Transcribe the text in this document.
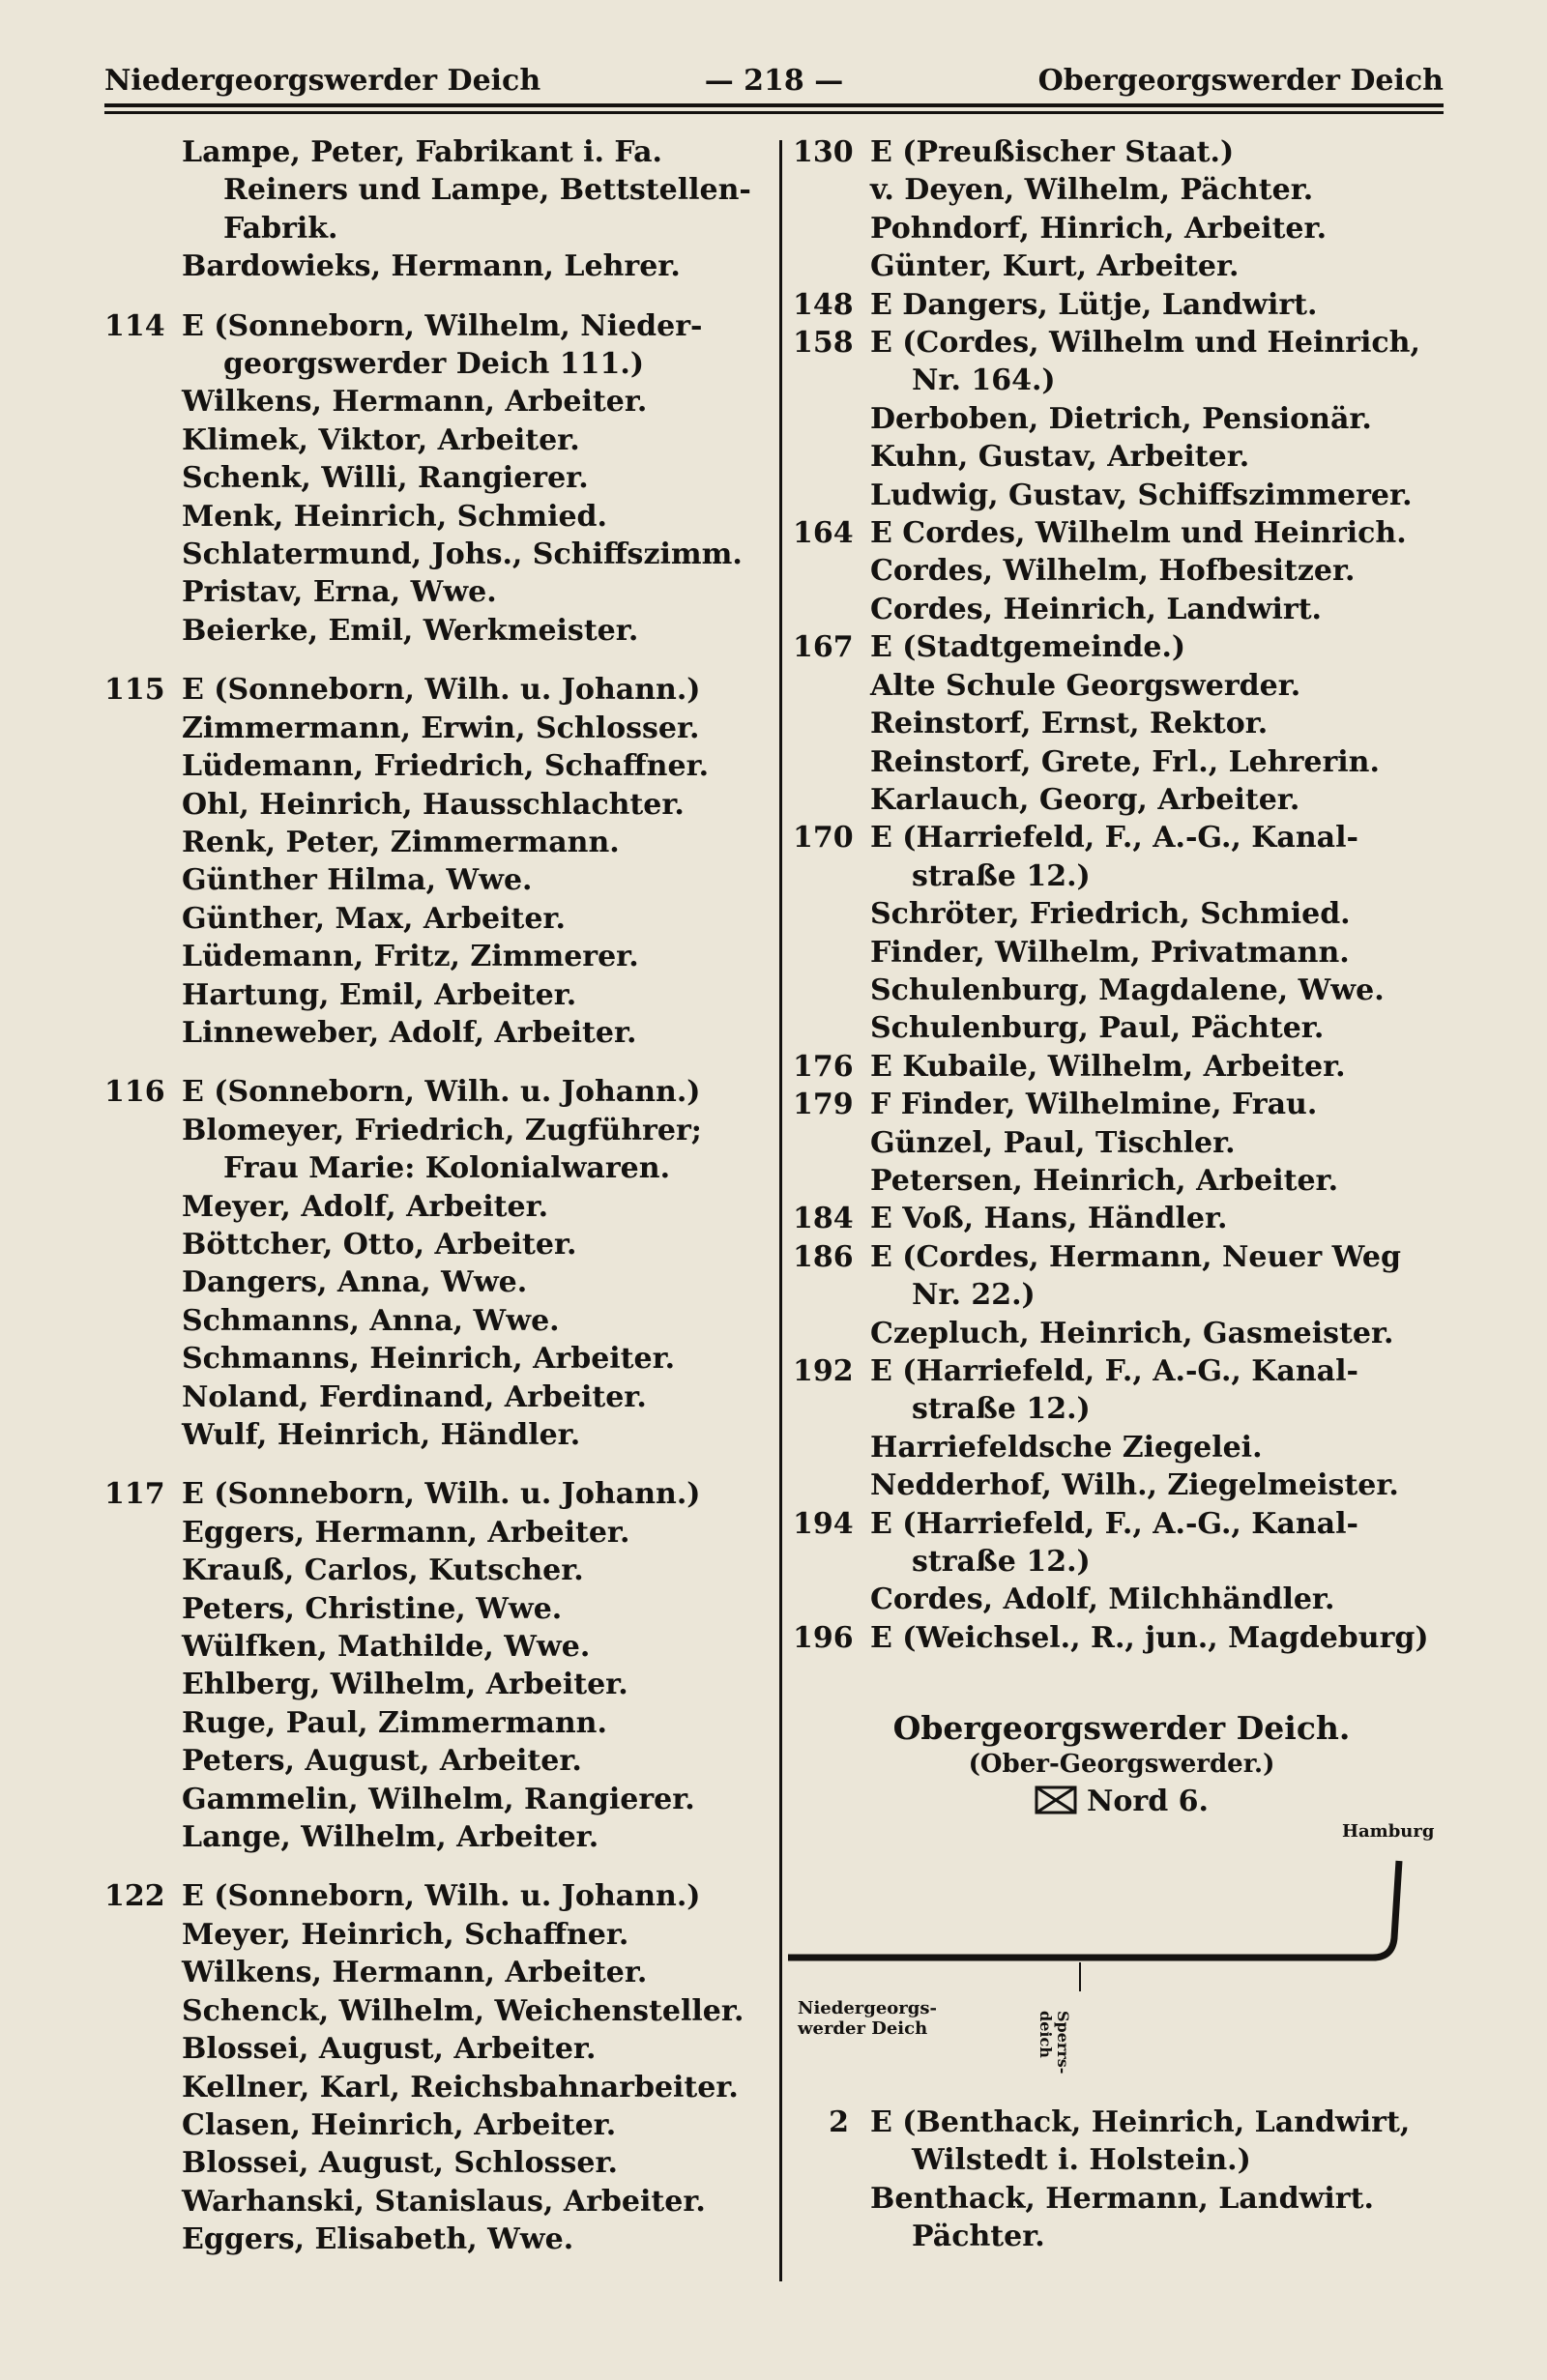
Niedergeorgswerder Deich	— 218 —	Obergeorgswerder Deich
Lampe, Peter, Fabrikant i. Fa.
Reiners und Lampe, Bettstellen-
Fabrik.
Bardowieks, Hermann, Lehrer.
114 E (Sonneborn, Wilhelm, Nieder-
georgswerder Deich 111.)
Wilkens, Hermann, Arbeiter.
Klimek, Viktor, Arbeiter.
Schenk, Willi, Rangierer.
Menk, Heinrich, Schmied.
Schlatermund, Johs., Schiffszimm.
Pristav, Erna, Wwe.
Beierke, Emil, Werkmeister.
115 E (Sonneborn, Wilh. u. Johann.)
Zimmermann, Erwin, Schlosser.
Lüdemann, Friedrich, Schaffner.
Ohl, Heinrich, Hausschlachter.
Renk, Peter, Zimmermann.
Günther Hilma, Wwe.
Günther, Max, Arbeiter.
Lüdemann, Fritz, Zimmerer.
Hartung, Emil, Arbeiter.
Linneweber, Adolf, Arbeiter.
116 E (Sonneborn, Wilh. u. Johann.)
Blomeyer, Friedrich, Zugführer;
Frau Marie: Kolonialwaren.
Meyer, Adolf, Arbeiter.
Böttcher, Otto, Arbeiter.
Dangers, Anna, Wwe.
Schmanns, Anna, Wwe.
Schmanns, Heinrich, Arbeiter.
Noland, Ferdinand, Arbeiter.
Wulf, Heinrich, Händler.
117 E (Sonneborn, Wilh. u. Johann.)
Eggers, Hermann, Arbeiter.
Krauß, Carlos, Kutscher.
Peters, Christine, Wwe.
Wülfken, Mathilde, Wwe.
Ehlberg, Wilhelm, Arbeiter.
Ruge, Paul, Zimmermann.
Peters, August, Arbeiter.
Gammelin, Wilhelm, Rangierer.
Lange, Wilhelm, Arbeiter.
122 E (Sonneborn, Wilh. u. Johann.)
Meyer, Heinrich, Schaffner.
Wilkens, Hermann, Arbeiter.
Schenck, Wilhelm, Weichensteller.
Blossei, August, Arbeiter.
Kellner, Karl, Reichsbahnarbeiter.
Clasen, Heinrich, Arbeiter.
Blossei, August, Schlosser.
Warhanski, Stanislaus, Arbeiter.
Eggers, Elisabeth, Wwe.
130 E (Preußischer Staat.)
v. Deyen, Wilhelm, Pächter.
Pohndorf, Hinrich, Arbeiter.
Günter, Kurt, Arbeiter.
148 E Dangers, Lütje, Landwirt.
158 E (Cordes, Wilhelm und Heinrich,
Nr. 164.)
Derboben, Dietrich, Pensionär.
Kuhn, Gustav, Arbeiter.
Ludwig, Gustav, Schiffszimmerer.
164 E Cordes, Wilhelm und Heinrich.
Cordes, Wilhelm, Hofbesitzer.
Cordes, Heinrich, Landwirt.
167 E (Stadtgemeinde.)
Alte Schule Georgswerder.
Reinstorf, Ernst, Rektor.
Reinstorf, Grete, Frl., Lehrerin.
Karlauch, Georg, Arbeiter.
170 E (Harriefeld, F., A.-G., Kanal-
straße 12.)
Schröter, Friedrich, Schmied.
Finder, Wilhelm, Privatmann.
Schulenburg, Magdalene, Wwe.
Schulenburg, Paul, Pächter.
176 E Kubaile, Wilhelm, Arbeiter.
179 F Finder, Wilhelmine, Frau.
Günzel, Paul, Tischler.
Petersen, Heinrich, Arbeiter.
184 E Voß, Hans, Händler.
186 E (Cordes, Hermann, Neuer Weg
Nr. 22.)
Czepluch, Heinrich, Gasmeister.
192 E (Harriefeld, F., A.-G., Kanal-
straße 12.)
Harriefeldsche Ziegelei.
Nedderhof, Wilh., Ziegelmeister.
194 E (Harriefeld, F., A.-G., Kanal-
straße 12.)
Cordes, Adolf, Milchhändler.
196 E (Weichsel., R., jun., Magdeburg)
Obergeorgswerder Deich.
(Ober-Georgswerder.)
Nord 6.
Hamburg
Niedergeorgs-
werder Deich	Sperrs-
deich
2 E (Benthack, Heinrich, Landwirt,
Wilstedt i. Holstein.)
Benthack, Hermann, Landwirt.
Pächter.
